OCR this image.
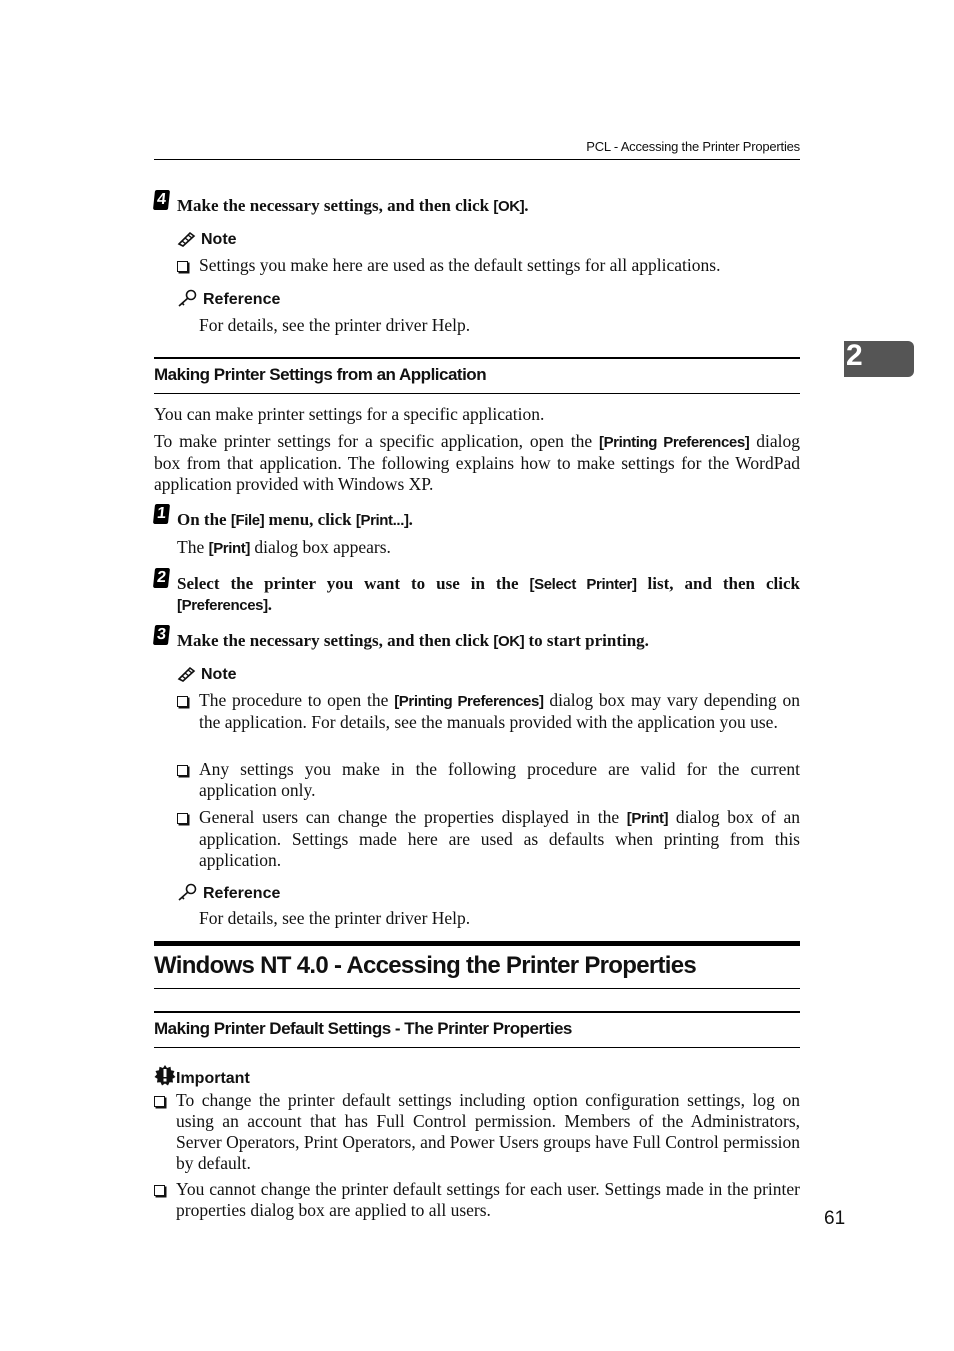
PCL - Accessing the Printer Properties
2
4 Make the necessary settings, and then click [OK].
Note
Settings you make here are used as the default settings for all applications.
Reference
For details, see the printer driver Help.
Making Printer Settings from an Application
You can make printer settings for a specific application.
To make printer settings for a specific application, open the [Printing Preferences] dialog box from that application. The following explains how to make settings for the WordPad application provided with Windows XP.
1 On the [File] menu, click [Print...].
The [Print] dialog box appears.
2 Select the printer you want to use in the [Select Printer] list, and then click [Preferences].
3 Make the necessary settings, and then click [OK] to start printing.
Note
The procedure to open the [Printing Preferences] dialog box may vary depending on the application. For details, see the manuals provided with the application you use.
Any settings you make in the following procedure are valid for the current application only.
General users can change the properties displayed in the [Print] dialog box of an application. Settings made here are used as defaults when printing from this application.
Reference
For details, see the printer driver Help.
Windows NT 4.0 - Accessing the Printer Properties
Making Printer Default Settings - The Printer Properties
Important
To change the printer default settings including option configuration settings, log on using an account that has Full Control permission. Members of the Administrators, Server Operators, Print Operators, and Power Users groups have Full Control permission by default.
You cannot change the printer default settings for each user. Settings made in the printer properties dialog box are applied to all users.	61
